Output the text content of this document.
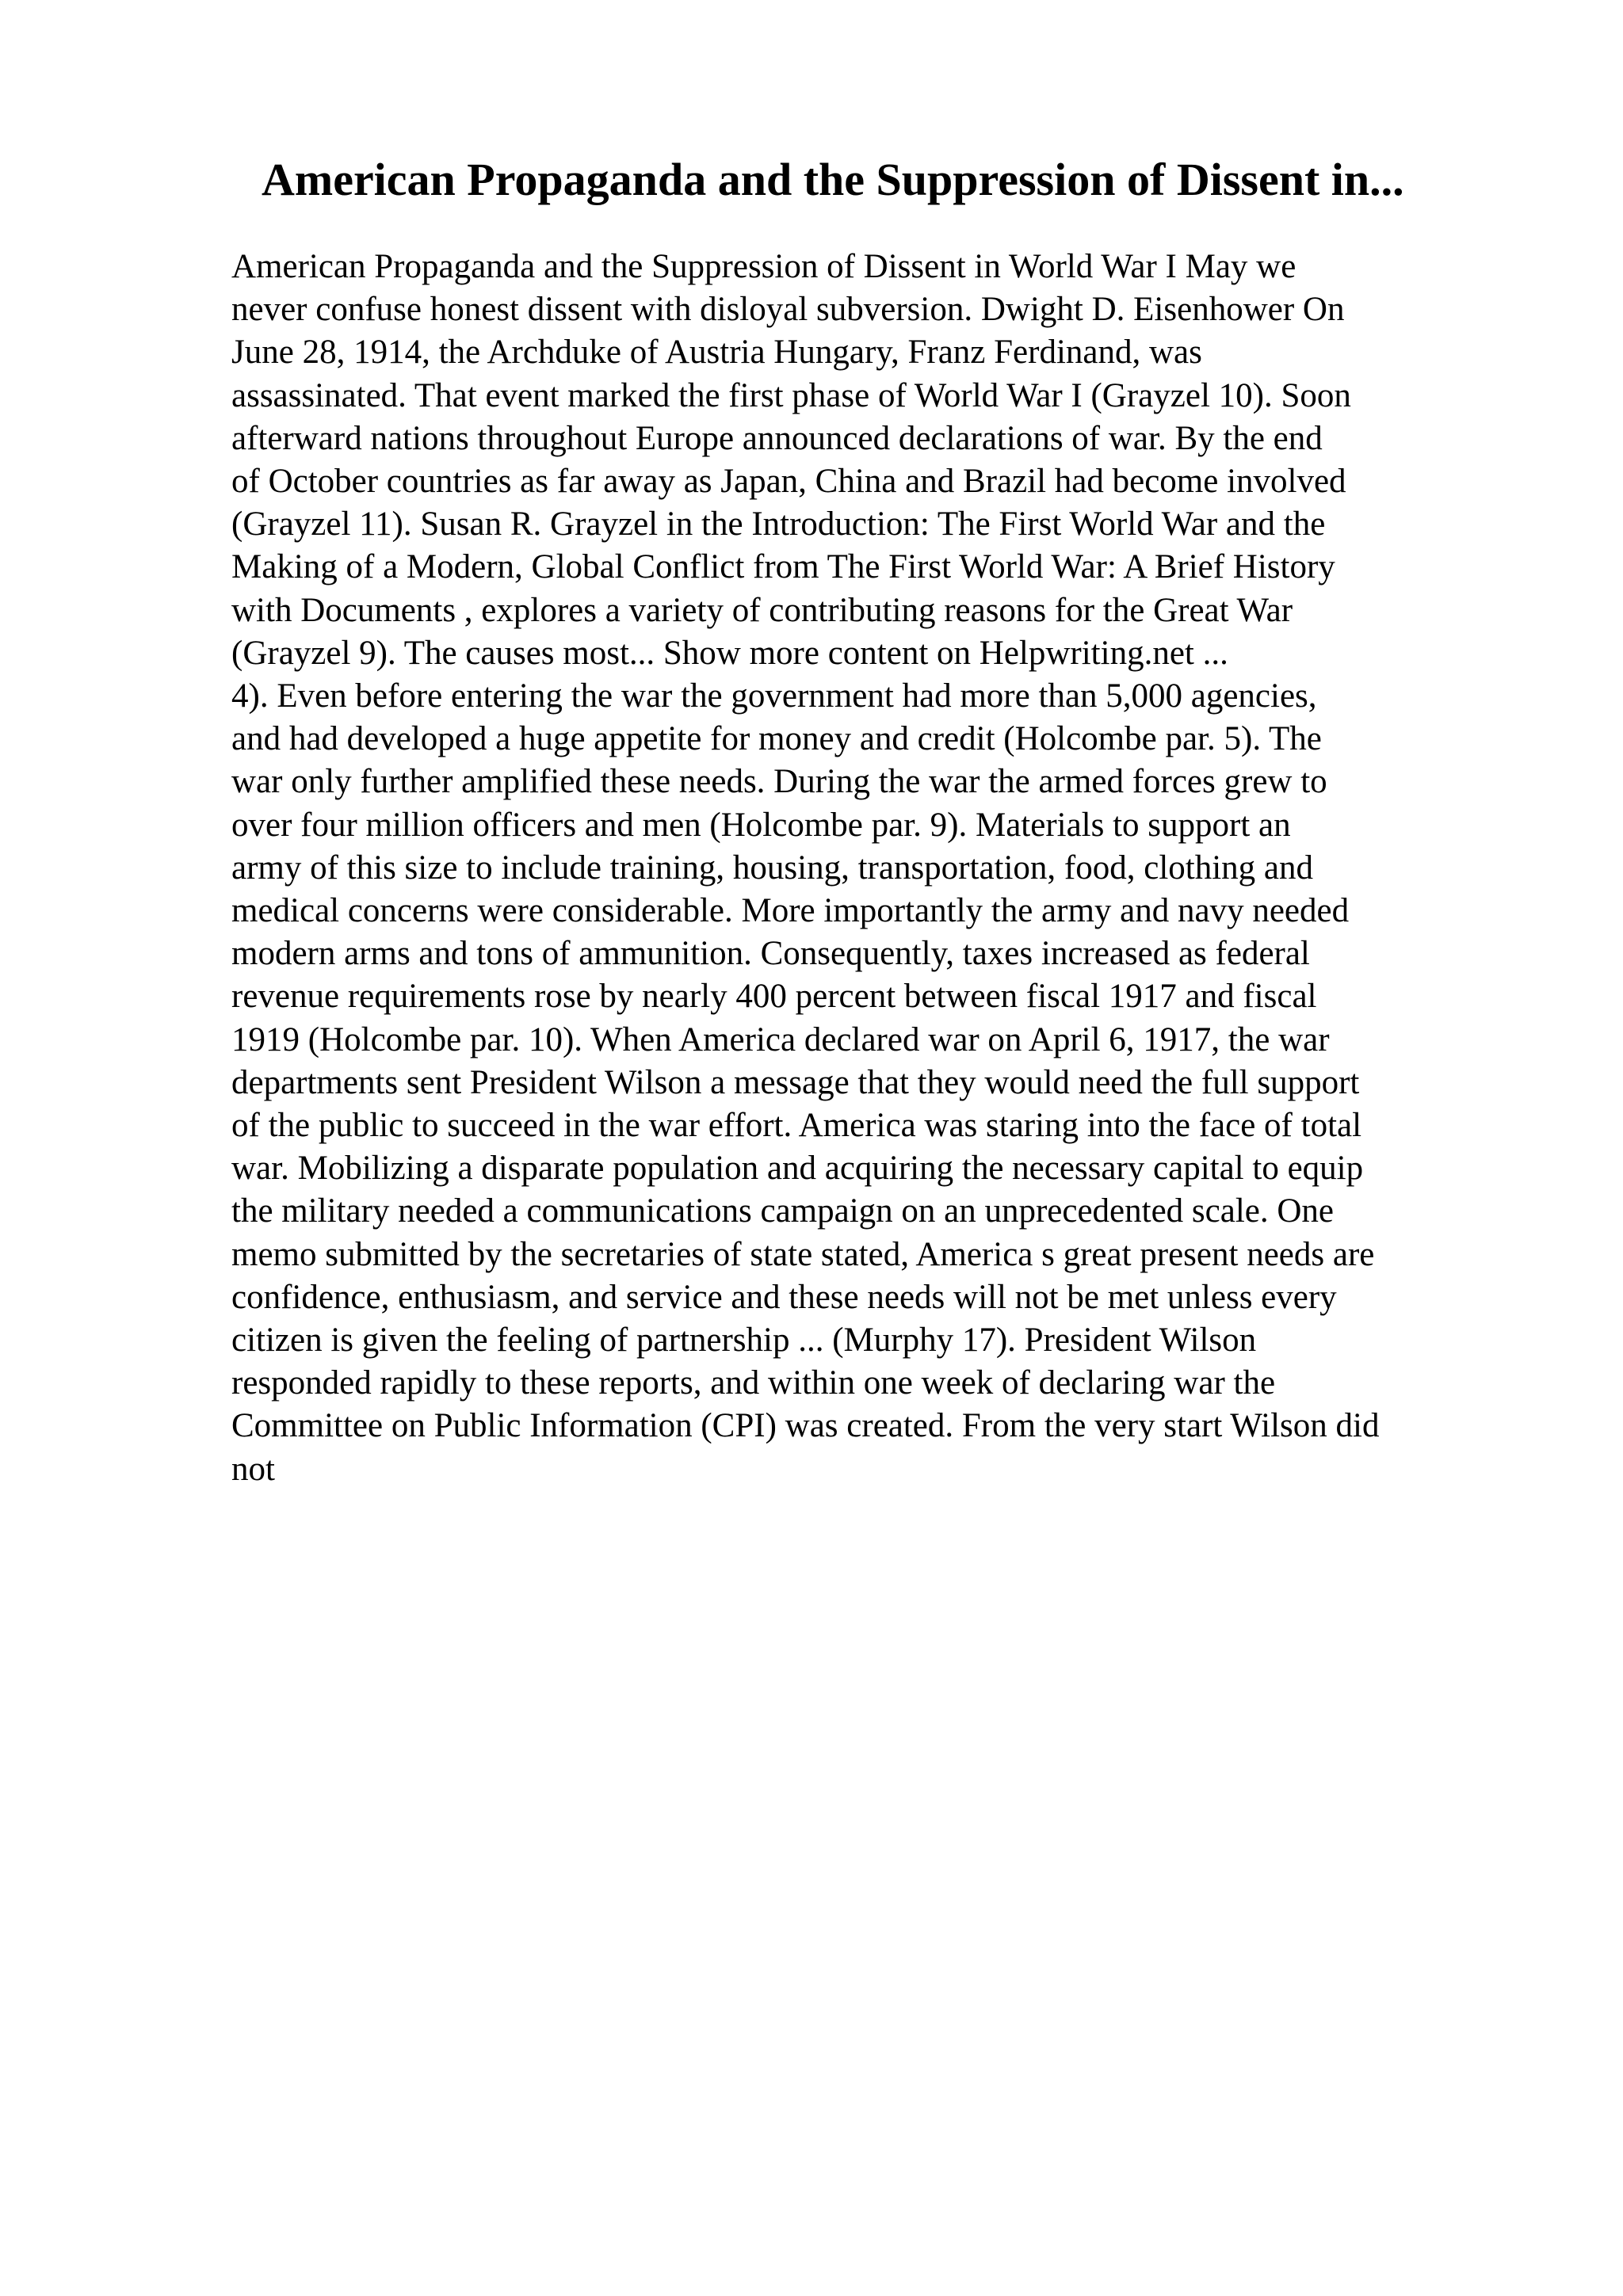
American Propaganda and the Suppression of Dissent in...
American Propaganda and the Suppression of Dissent in World War I May we
never confuse honest dissent with disloyal subversion. Dwight D. Eisenhower On
June 28, 1914, the Archduke of Austria Hungary, Franz Ferdinand, was
assassinated. That event marked the first phase of World War I (Grayzel 10). Soon
afterward nations throughout Europe announced declarations of war. By the end
of October countries as far away as Japan, China and Brazil had become involved
(Grayzel 11). Susan R. Grayzel in the Introduction: The First World War and the
Making of a Modern, Global Conflict from The First World War: A Brief History
with Documents , explores a variety of contributing reasons for the Great War
(Grayzel 9). The causes most... Show more content on Helpwriting.net ...
4). Even before entering the war the government had more than 5,000 agencies,
and had developed a huge appetite for money and credit (Holcombe par. 5). The
war only further amplified these needs. During the war the armed forces grew to
over four million officers and men (Holcombe par. 9). Materials to support an
army of this size to include training, housing, transportation, food, clothing and
medical concerns were considerable. More importantly the army and navy needed
modern arms and tons of ammunition. Consequently, taxes increased as federal
revenue requirements rose by nearly 400 percent between fiscal 1917 and fiscal
1919 (Holcombe par. 10). When America declared war on April 6, 1917, the war
departments sent President Wilson a message that they would need the full support
of the public to succeed in the war effort. America was staring into the face of total
war. Mobilizing a disparate population and acquiring the necessary capital to equip
the military needed a communications campaign on an unprecedented scale. One
memo submitted by the secretaries of state stated, America s great present needs are
confidence, enthusiasm, and service and these needs will not be met unless every
citizen is given the feeling of partnership ... (Murphy 17). President Wilson
responded rapidly to these reports, and within one week of declaring war the
Committee on Public Information (CPI) was created. From the very start Wilson did
not
